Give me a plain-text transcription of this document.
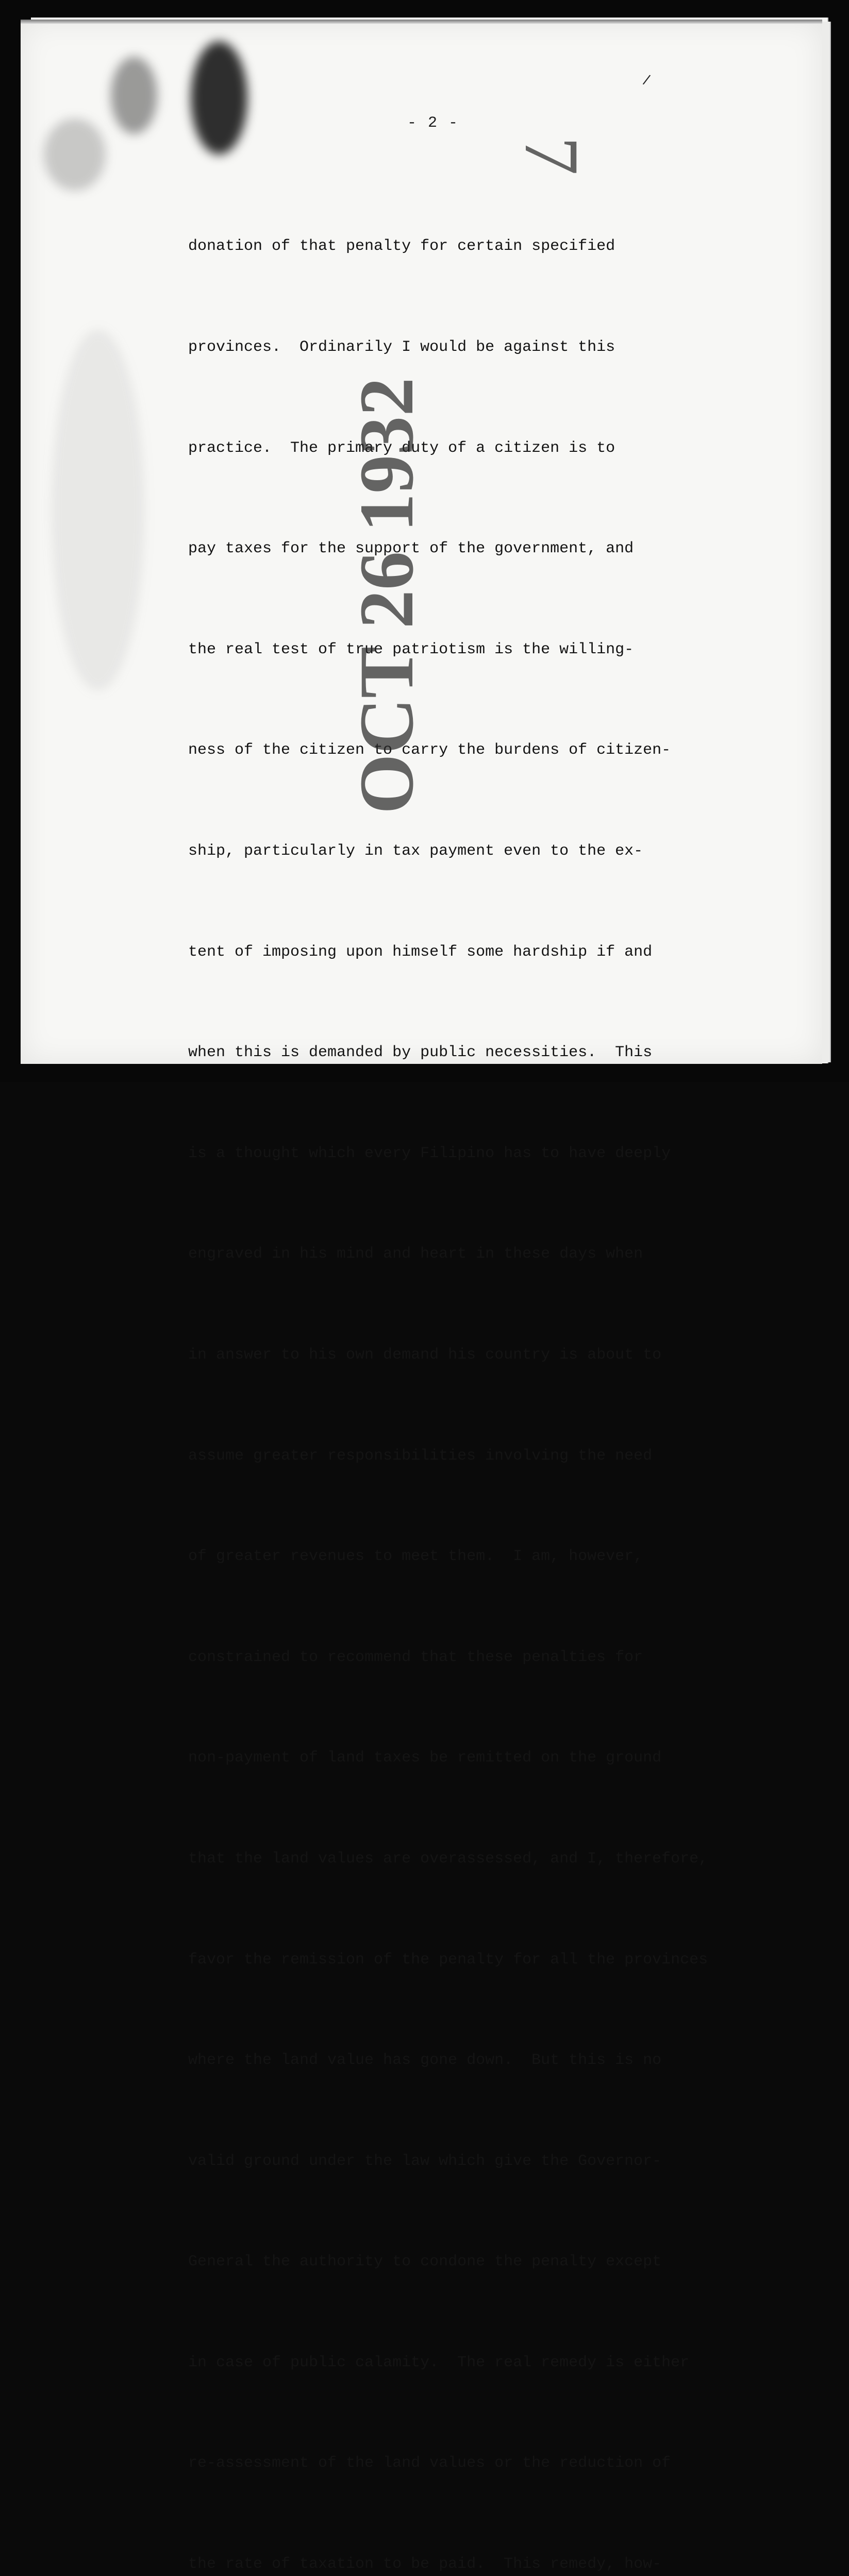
- 2 -

donation of that penalty for certain specified

provinces.  Ordinarily I would be against this

practice.  The primary duty of a citizen is to

pay taxes for the support of the government, and

the real test of true patriotism is the willing-

ness of the citizen to carry the burdens of citizen-

ship, particularly in tax payment even to the ex-

tent of imposing upon himself some hardship if and

when this is demanded by public necessities.  This

is a thought which every Filipino has to have deeply

engraved in his mind and heart in these days when

in answer to his own demand his country is about to

assume greater responsibilities involving the need

of greater revenues to meet them.  I am, however,

constrained to recommend that these penalties for

non-payment of land taxes be remitted on the ground

that the land values are overassessed, and I, therefore,

favor the remission of the penalty for all the provinces

where the land value has gone down.  But this is no

valid ground under the law which give the Governor-

General the authority to condone the penalty except

in case of public calamity.  The real remedy is either

re-assessment of the land values or the reduction of

the rate of taxation to be paid.  This remedy, how-

/
OCT 26 1932
7
